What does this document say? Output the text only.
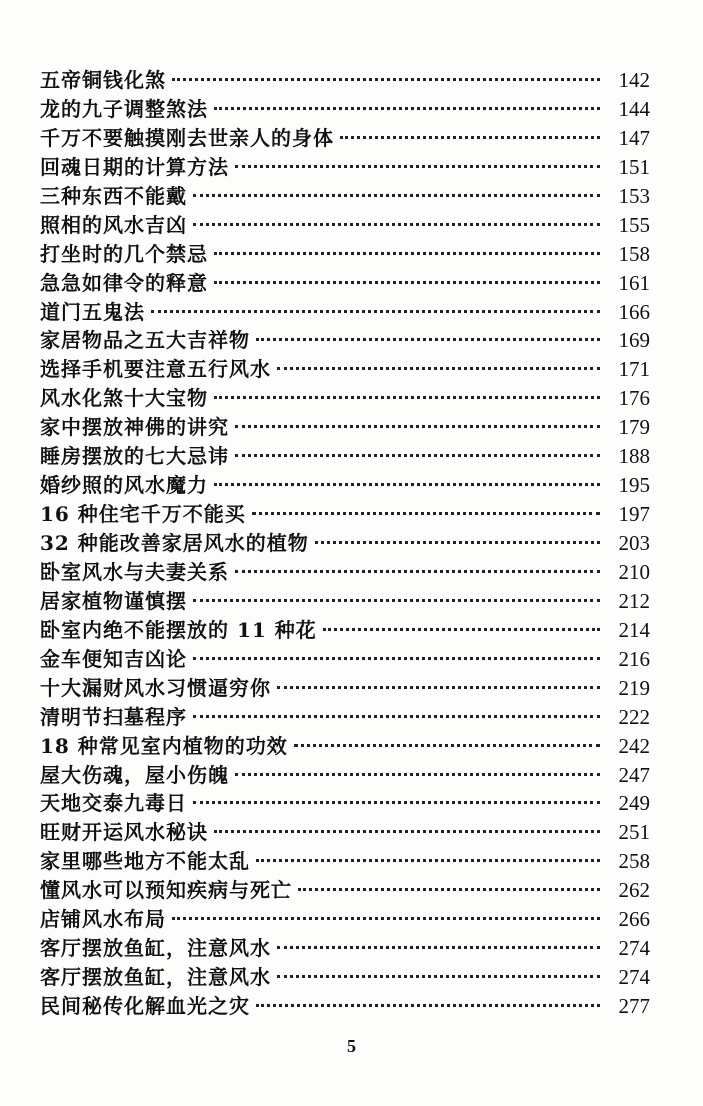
五帝铜钱化煞	142
龙的九子调整煞法	144
千万不要触摸刚去世亲人的身体	147
回魂日期的计算方法	151
三种东西不能戴	153
照相的风水吉凶	155
打坐时的几个禁忌	158
急急如律令的释意	161
道门五鬼法	166
家居物品之五大吉祥物	169
选择手机要注意五行风水	171
风水化煞十大宝物	176
家中摆放神佛的讲究	179
睡房摆放的七大忌讳	188
婚纱照的风水魔力	195
16 种住宅千万不能买	197
32 种能改善家居风水的植物	203
卧室风水与夫妻关系	210
居家植物谨慎摆	212
卧室内绝不能摆放的 11 种花	214
金车便知吉凶论	216
十大漏财风水习惯逼穷你	219
清明节扫墓程序	222
18 种常见室内植物的功效	242
屋大伤魂，屋小伤魄	247
天地交泰九毒日	249
旺财开运风水秘诀	251
家里哪些地方不能太乱	258
懂风水可以预知疾病与死亡	262
店铺风水布局	266
客厅摆放鱼缸，注意风水	274
客厅摆放鱼缸，注意风水	274
民间秘传化解血光之灾	277
5
